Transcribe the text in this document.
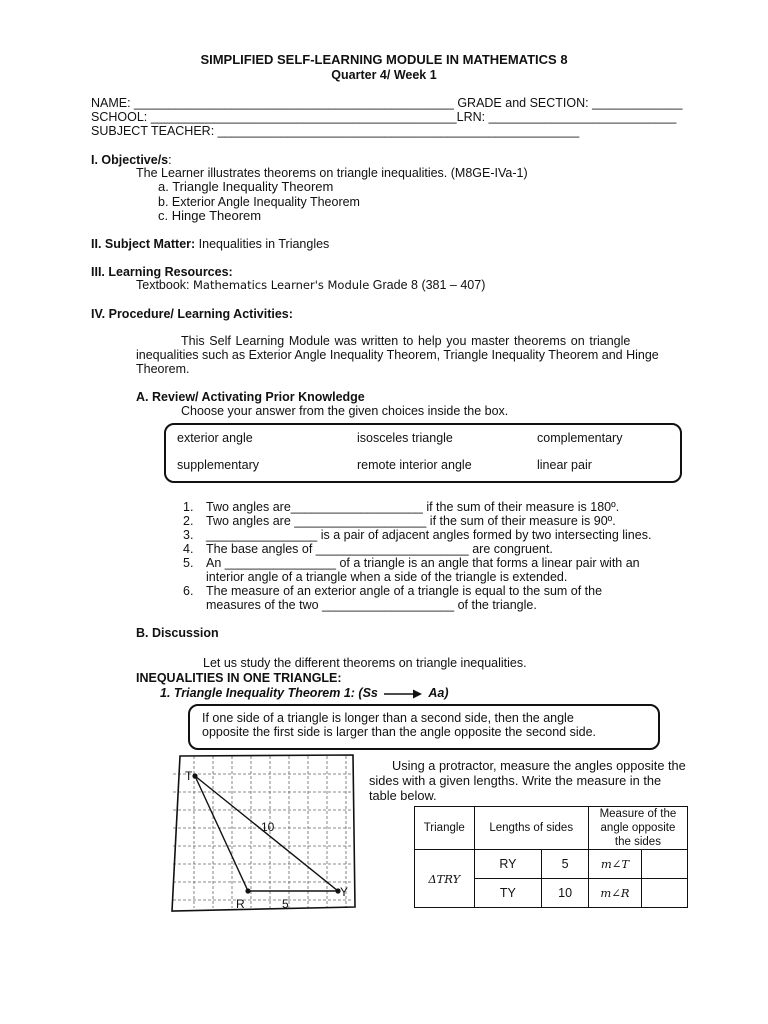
SIMPLIFIED SELF-LEARNING MODULE IN MATHEMATICS 8
Quarter 4/ Week 1
NAME: ______________________________________________ GRADE and SECTION: _____________
SCHOOL: ____________________________________________LRN: ___________________________
SUBJECT TEACHER: ____________________________________________________
I. Objective/s:
The Learner illustrates theorems on triangle inequalities. (M8GE-IVa-1)
a. Triangle Inequality Theorem
b. Exterior Angle Inequality Theorem
c. Hinge Theorem
II. Subject Matter: Inequalities in Triangles
III. Learning Resources:
Textbook: Mathematics Learner's Module Grade 8 (381 – 407)
IV. Procedure/ Learning Activities:
This Self Learning Module was written to help you master theorems on triangle
inequalities such as Exterior Angle Inequality Theorem, Triangle Inequality Theorem and Hinge
Theorem.
A. Review/ Activating Prior Knowledge
Choose your answer from the given choices inside the box.
exterior angle	isosceles triangle	complementary
supplementary	remote interior angle	linear pair
1. Two angles are___________________ if the sum of their measure is 180º.
2. Two angles are ___________________ if the sum of their measure is 90º.
3. ________________ is a pair of adjacent angles formed by two intersecting lines.
4. The base angles of ______________________ are congruent.
5. An ________________ of a triangle is an angle that forms a linear pair with an
interior angle of a triangle when a side of the triangle is extended.
6. The measure of an exterior angle of a triangle is equal to the sum of the
measures of the two ___________________ of the triangle.
B. Discussion
Let us study the different theorems on triangle inequalities.
INEQUALITIES IN ONE TRIANGLE:
1. Triangle Inequality Theorem 1: (Ss	Aa)
If one side of a triangle is longer than a second side, then the angle
opposite the first side is larger than the angle opposite the second side.
Using a protractor, measure the angles opposite the
sides with a given lengths. Write the measure in the
table below.
T
R
Y
10
5
Triangle	Lengths of sides		Measure of the angle opposite the sides	
ΔTRY	RY	5	m∠T	
	TY	10	m∠R	
